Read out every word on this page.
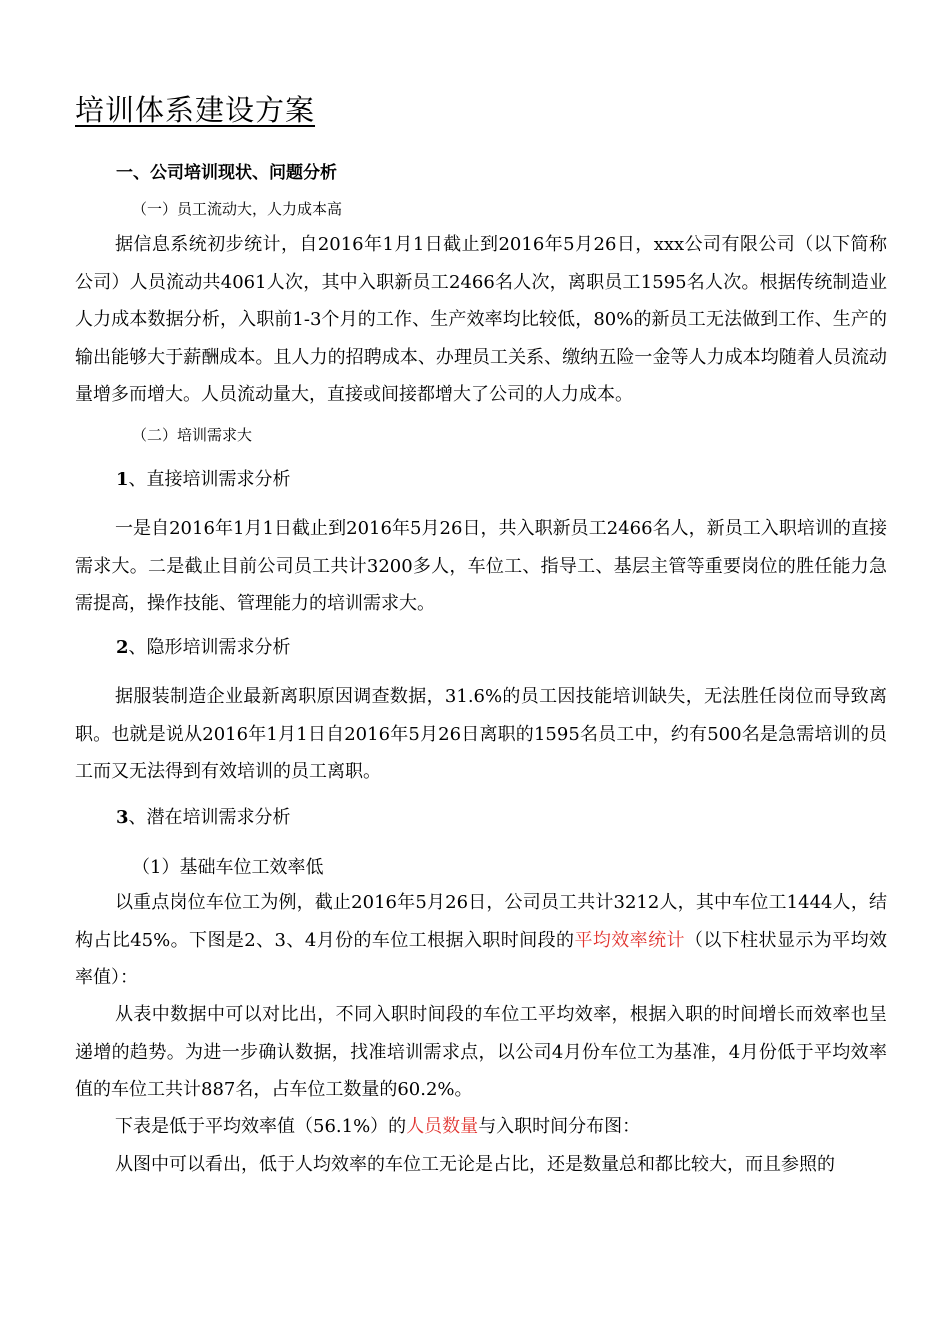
培训体系建设方案
一、公司培训现状、问题分析
（一）员工流动大，人力成本高

据信息系统初步统计，自2016年1月1日截止到2016年5月26日，xxx公司有限公司（以下简称公司）人员流动共4061人次，其中入职新员工2466名人次，离职员工1595名人次。根据传统制造业人力成本数据分析，入职前1-3个月的工作、生产效率均比较低，80%的新员工无法做到工作、生产的输出能够大于薪酬成本。且人力的招聘成本、办理员工关系、缴纳五险一金等人力成本均随着人员流动量增多而增大。人员流动量大，直接或间接都增大了公司的人力成本。

（二）培训需求大
1、直接培训需求分析

一是自2016年1月1日截止到2016年5月26日，共入职新员工2466名人，新员工入职培训的直接需求大。二是截止目前公司员工共计3200多人，车位工、指导工、基层主管等重要岗位的胜任能力急需提高，操作技能、管理能力的培训需求大。

2、隐形培训需求分析

据服装制造企业最新离职原因调查数据，31.6%的员工因技能培训缺失，无法胜任岗位而导致离职。也就是说从2016年1月1日自2016年5月26日离职的1595名员工中，约有500名是急需培训的员工而又无法得到有效培训的员工离职。

3、潜在培训需求分析
（1）基础车位工效率低

以重点岗位车位工为例，截止2016年5月26日，公司员工共计3212人，其中车位工1444人，结构占比45%。下图是2、3、4月份的车位工根据入职时间段的平均效率统计（以下柱状显示为平均效率值）：

从表中数据中可以对比出，不同入职时间段的车位工平均效率，根据入职的时间增长而效率也呈递增的趋势。为进一步确认数据，找准培训需求点，以公司4月份车位工为基准，4月份低于平均效率值的车位工共计887名，占车位工数量的60.2%。

下表是低于平均效率值（56.1%）的人员数量与入职时间分布图：

从图中可以看出，低于人均效率的车位工无论是占比，还是数量总和都比较大，而且参照的
